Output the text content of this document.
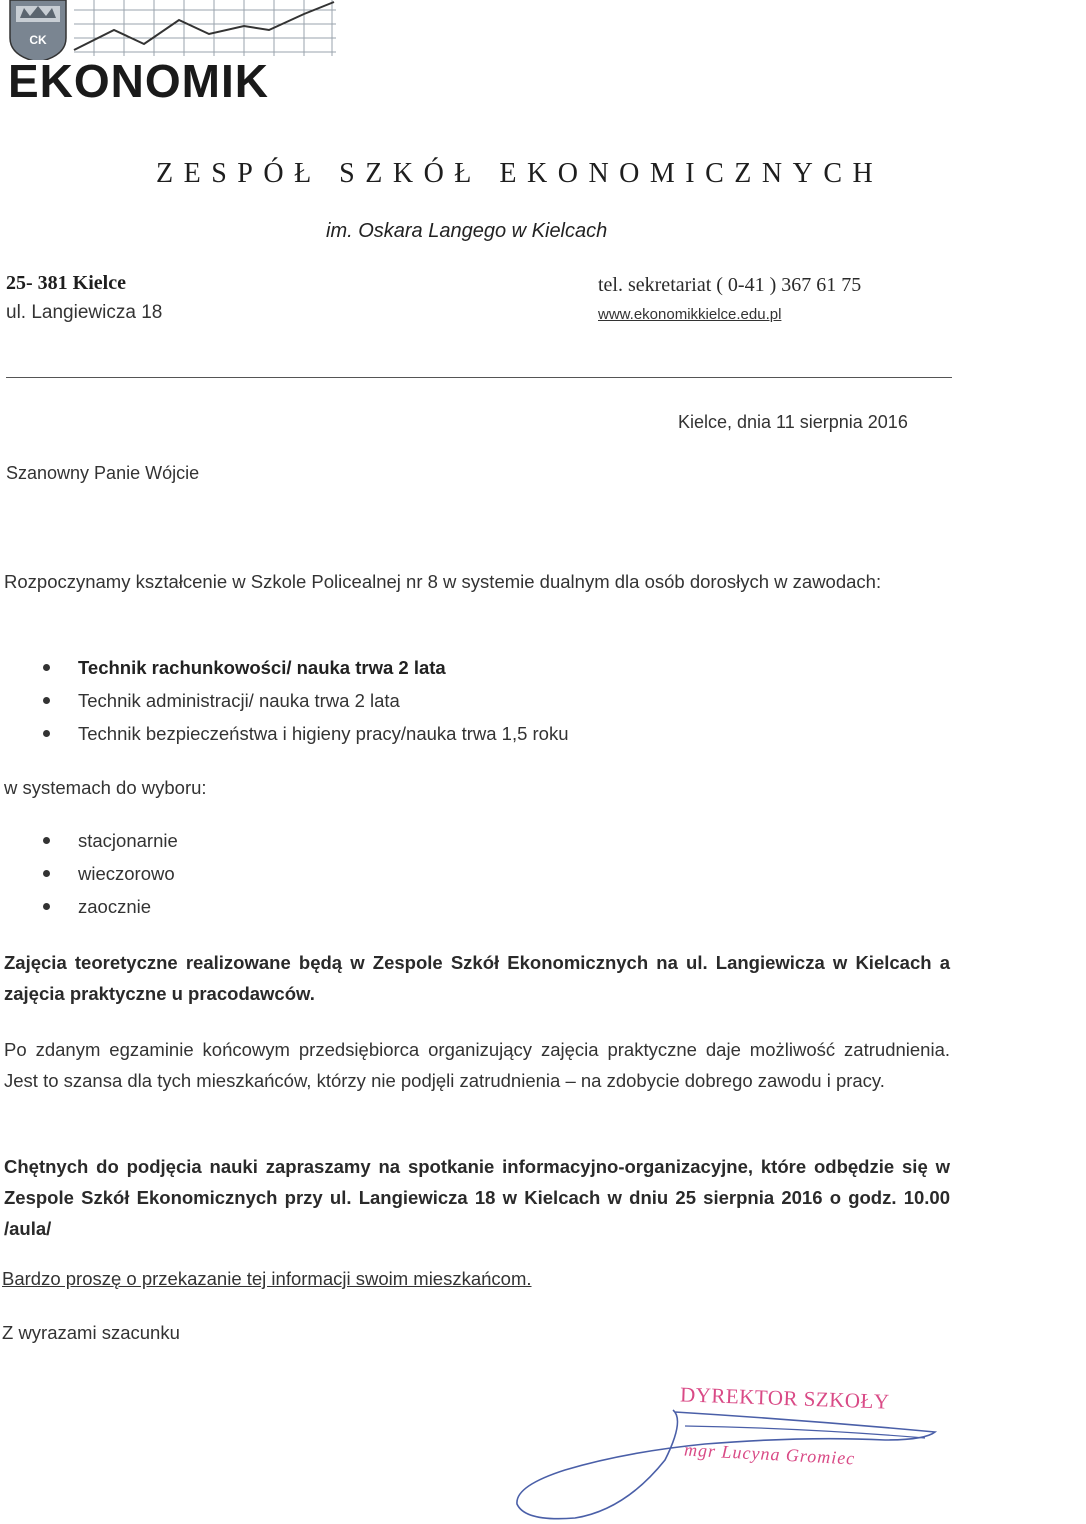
CK
EKONOMIK
ZESPÓŁ SZKÓŁ EKONOMICZNYCH
im. Oskara Langego w Kielcach
25- 381 Kielce
ul. Langiewicza 18
tel. sekretariat ( 0-41 ) 367 61 75
www.ekonomikkielce.edu.pl
Kielce, dnia 11 sierpnia 2016
Szanowny Panie Wójcie

Rozpoczynamy kształcenie w Szkole Policealnej nr 8 w systemie dualnym dla osób dorosłych w zawodach:

Technik rachunkowości/ nauka trwa 2 lata
Technik administracji/ nauka trwa 2 lata
Technik bezpieczeństwa i higieny pracy/nauka trwa 1,5 roku
w systemach do wyboru:
stacjonarnie
wieczorowo
zaocznie

Zajęcia teoretyczne realizowane będą w Zespole Szkół Ekonomicznych na ul. Langiewicza w Kielcach a zajęcia praktyczne u pracodawców.

Po zdanym egzaminie końcowym przedsiębiorca organizujący zajęcia praktyczne daje możliwość zatrudnienia. Jest to szansa dla tych mieszkańców, którzy nie podjęli zatrudnienia – na zdobycie dobrego zawodu i pracy.

Chętnych do podjęcia nauki zapraszamy na spotkanie informacyjno-organizacyjne, które odbędzie się w Zespole Szkół Ekonomicznych przy ul. Langiewicza 18 w Kielcach w dniu 25 sierpnia 2016 o godz. 10.00 /aula/

Bardzo proszę o przekazanie tej informacji swoim mieszkańcom.
Z wyrazami szacunku
DYREKTOR SZKOŁY
mgr Lucyna Gromiec
